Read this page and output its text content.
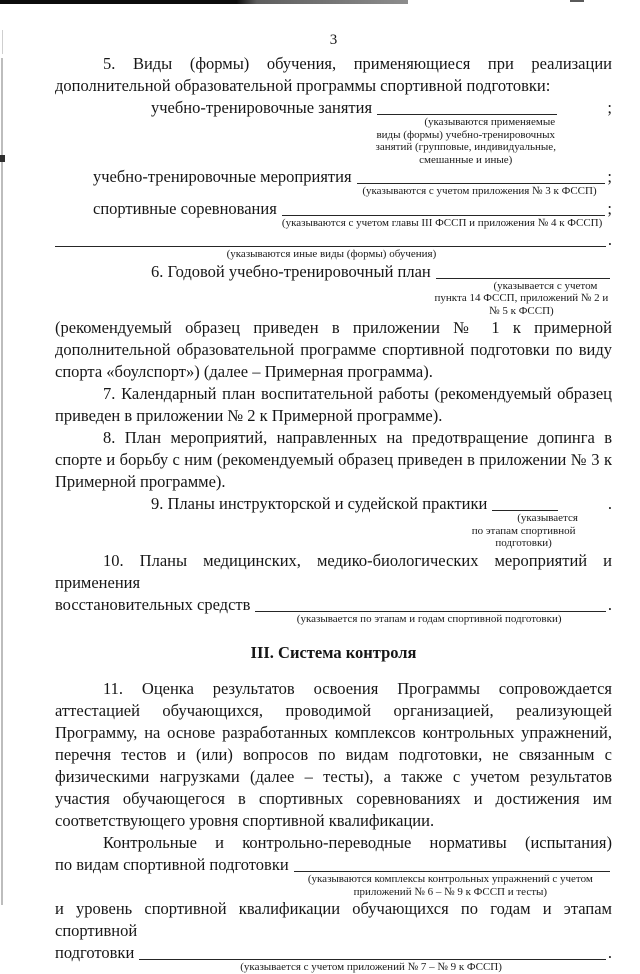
3
5. Виды (формы) обучения, применяющиеся при реализации
дополнительной образовательной программы спортивной подготовки:
учебно-тренировочные занятия
(указываются применяемые виды (формы) учебно-тренировочных занятий (групповые, индивидуальные, смешанные и иные)
;
учебно-тренировочные мероприятия
(указываются с учетом приложения № 3 к ФССП)
;
спортивные соревнования
(указываются с учетом главы III ФССП и приложения № 4 к ФССП)
;
(указываются иные виды (формы) обучения)
.
6. Годовой учебно-тренировочный план
(указывается с учетом пункта 14 ФССП, приложений № 2 и № 5 к ФССП)
(рекомендуемый образец приведен в приложении № 1 к примерной дополнительной образовательной программе спортивной подготовки по виду спорта «боулспорт») (далее – Примерная программа).
7. Календарный план воспитательной работы (рекомендуемый образец приведен в приложении № 2 к Примерной программе).
8. План мероприятий, направленных на предотвращение допинга в спорте и борьбу с ним (рекомендуемый образец приведен в приложении № 3 к Примерной программе).
9. Планы инструкторской и судейской практики
(указывается по этапам спортивной подготовки)
.
10. Планы медицинских, медико-биологических мероприятий и применения
восстановительных средств
(указывается по этапам и годам спортивной подготовки)
.
III. Система контроля
11. Оценка результатов освоения Программы сопровождается аттестацией обучающихся, проводимой организацией, реализующей Программу, на основе разработанных комплексов контрольных упражнений, перечня тестов и (или) вопросов по видам подготовки, не связанным с физическими нагрузками (далее – тесты), а также с учетом результатов участия обучающегося в спортивных соревнованиях и достижения им соответствующего уровня спортивной квалификации.
Контрольные и контрольно-переводные нормативы (испытания)
по видам спортивной подготовки
(указываются комплексы контрольных упражнений с учетом приложений № 6 – № 9 к ФССП и тесты)
и уровень спортивной квалификации обучающихся по годам и этапам спортивной
подготовки
(указывается с учетом приложений № 7 – № 9 к ФССП)
.
